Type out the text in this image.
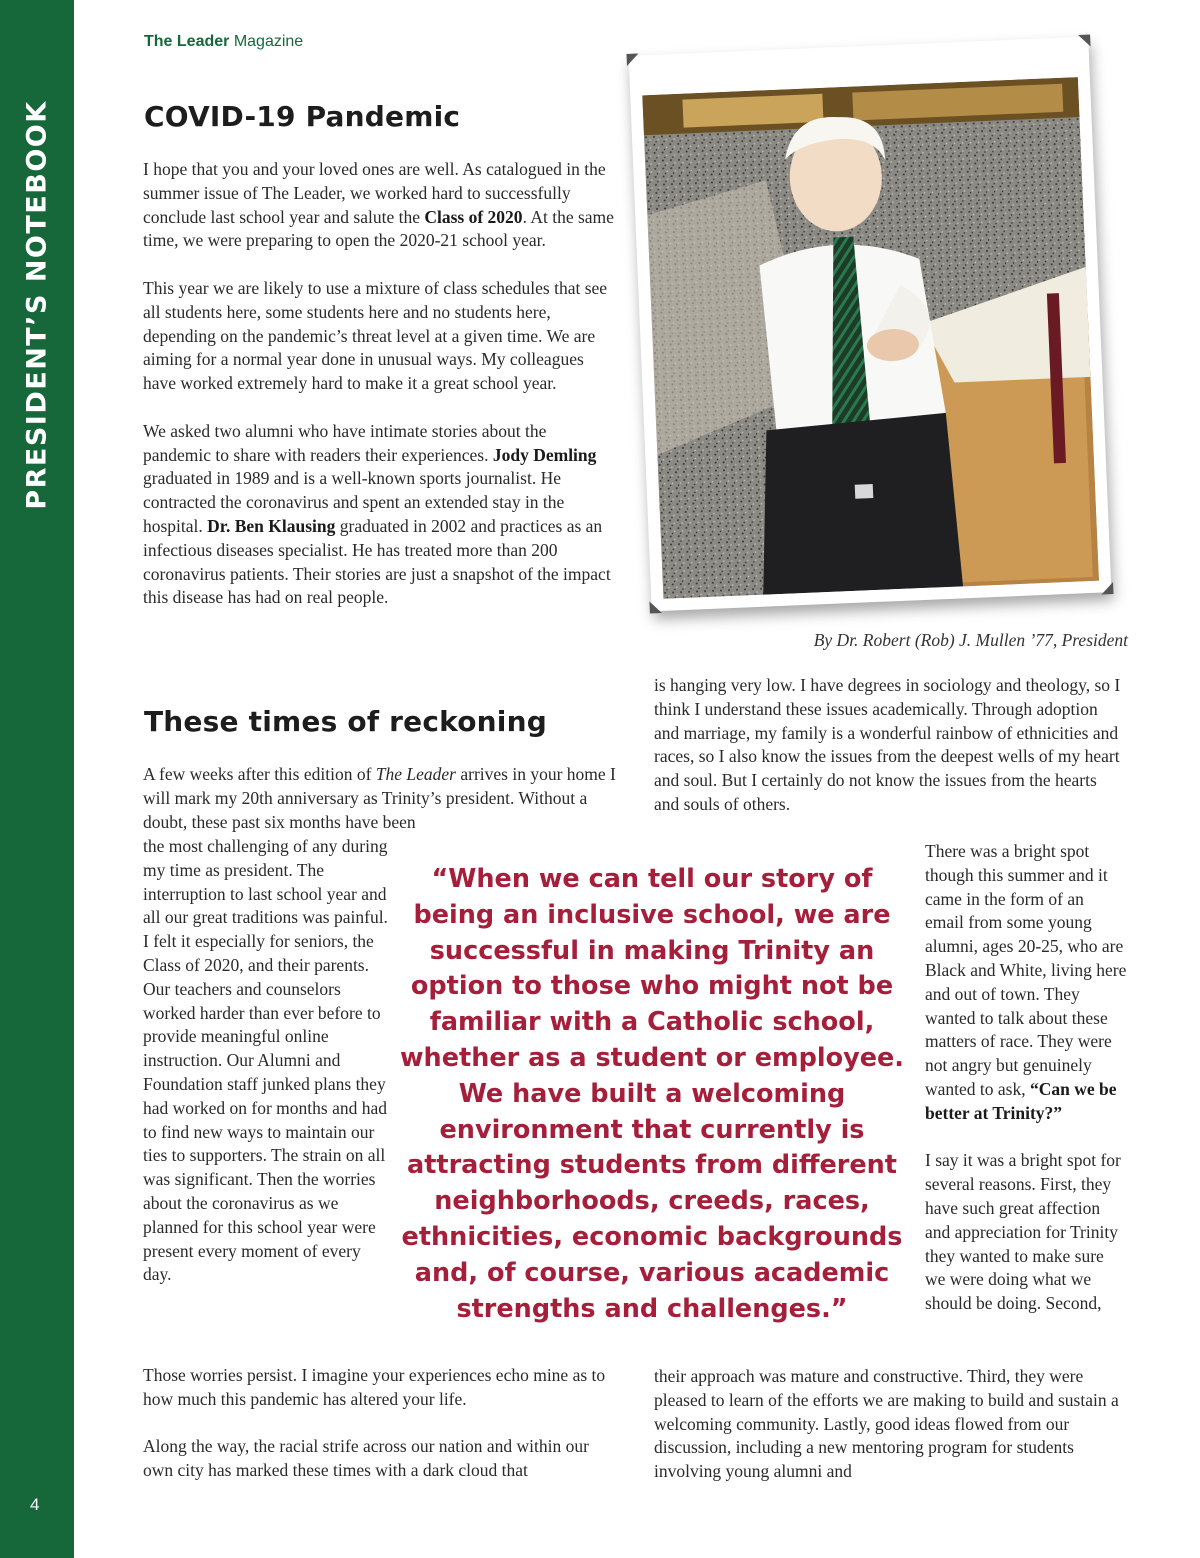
PRESIDENT’S NOTEBOOK
4
The Leader Magazine
COVID-19 Pandemic

I hope that you and your loved ones are well. As catalogued in the summer issue of The Leader, we worked hard to successfully conclude last school year and salute the Class of 2020. At the same time, we were preparing to open the 2020-21 school year.

This year we are likely to use a mixture of class schedules that see all students here, some students here and no students here, depending on the pandemic’s threat level at a given time. We are aiming for a normal year done in unusual ways. My colleagues have worked extremely hard to make it a great school year.

We asked two alumni who have intimate stories about the pandemic to share with readers their experiences. Jody Demling graduated in 1989 and is a well-known sports journalist. He contracted the coronavirus and spent an extended stay in the hospital. Dr. Ben Klausing graduated in 2002 and practices as an infectious diseases specialist. He has treated more than 200 coronavirus patients. Their stories are just a snapshot of the impact this disease has had on real people.

By Dr. Robert (Rob) J. Mullen ’77, President
These times of reckoning

A few weeks after this edition of The Leader arrives in your home I will mark my 20th anniversary as Trinity’s president. Without a doubt, these past six months have been

the most challenging of any during my time as president. The interruption to last school year and all our great traditions was painful. I felt it especially for seniors, the Class of 2020, and their parents. Our teachers and counselors worked harder than ever before to provide meaningful online instruction. Our Alumni and Foundation staff junked plans they had worked on for months and had to find new ways to maintain our ties to supporters. The strain on all was significant. Then the worries about the coronavirus as we planned for this school year were present every moment of every day.

Those worries persist. I imagine your experiences echo mine as to how much this pandemic has altered your life.

Along the way, the racial strife across our nation and within our own city has marked these times with a dark cloud that

is hanging very low. I have degrees in sociology and theology, so I think I understand these issues academically. Through adoption and marriage, my family is a wonderful rainbow of ethnicities and races, so I also know the issues from the deepest wells of my heart and soul. But I certainly do not know the issues from the hearts and souls of others.

“When we can tell our story of being an inclusive school, we are successful in making Trinity an option to those who might not be familiar with a Catholic school, whether as a student or employee. We have built a welcoming environment that currently is attracting students from different neighborhoods, creeds, races, ethnicities, economic backgrounds and, of course, various academic strengths and challenges.”

There was a bright spot though this summer and it came in the form of an email from some young alumni, ages 20-25, who are Black and White, living here and out of town. They wanted to talk about these matters of race. They were not angry but genuinely wanted to ask, “Can we be better at Trinity?”

I say it was a bright spot for several reasons. First, they have such great affection and appreciation for Trinity they wanted to make sure we were doing what we should be doing. Second,

their approach was mature and constructive. Third, they were pleased to learn of the efforts we are making to build and sustain a welcoming community. Lastly, good ideas flowed from our discussion, including a new mentoring program for students involving young alumni and
